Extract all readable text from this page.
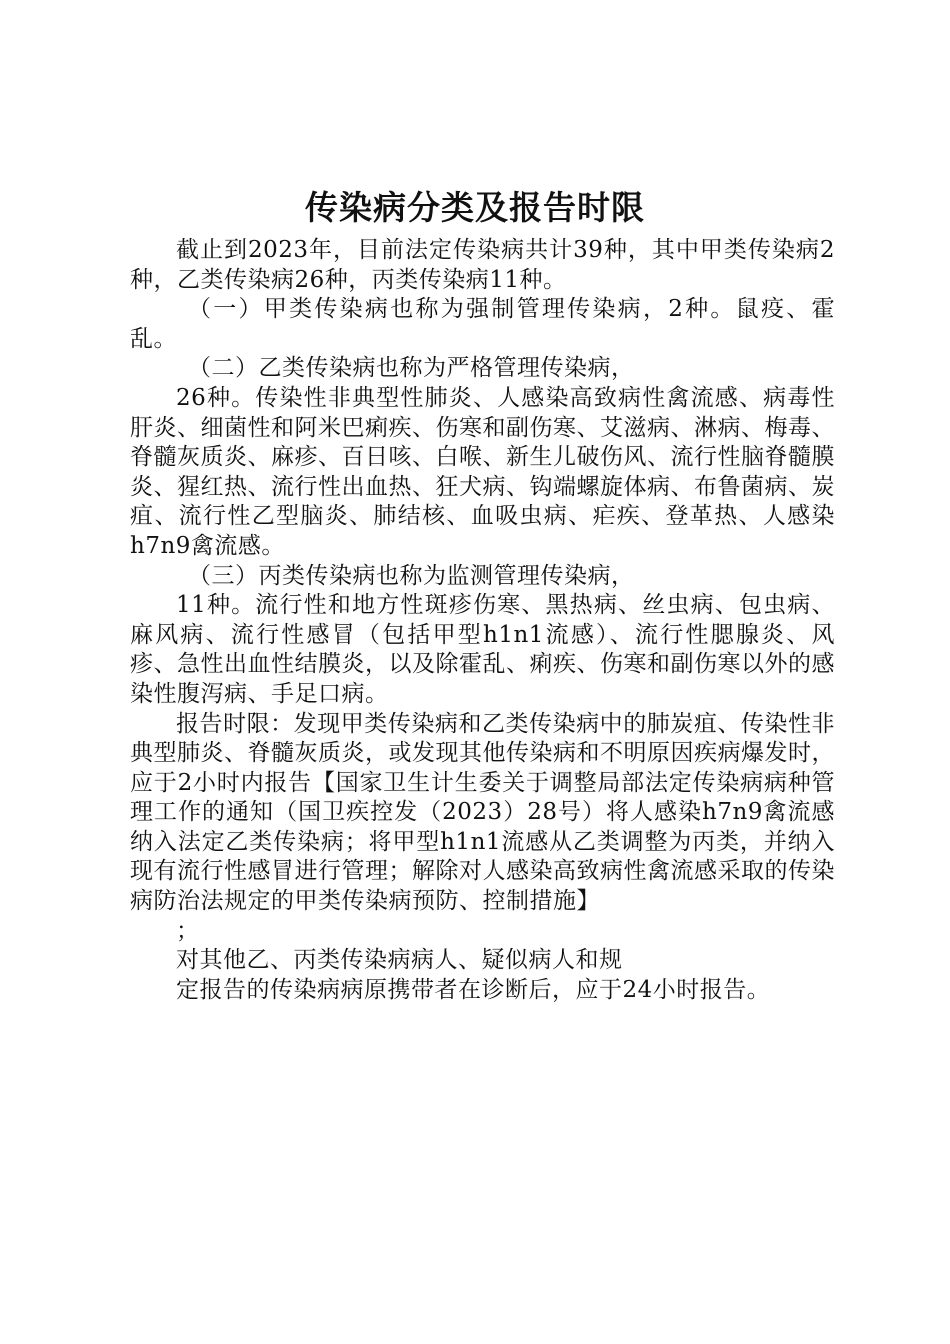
传染病分类及报告时限

截止到2023年，目前法定传染病共计39种，其中甲类传染病2种，乙类传染病26种，丙类传染病11种。

（一）甲类传染病也称为强制管理传染病，2种。鼠疫、霍乱。

（二）乙类传染病也称为严格管理传染病，

26种。传染性非典型性肺炎、人感染高致病性禽流感、病毒性肝炎、细菌性和阿米巴痢疾、伤寒和副伤寒、艾滋病、淋病、梅毒、脊髓灰质炎、麻疹、百日咳、白喉、新生儿破伤风、流行性脑脊髓膜炎、猩红热、流行性出血热、狂犬病、钩端螺旋体病、布鲁菌病、炭疽、流行性乙型脑炎、肺结核、血吸虫病、疟疾、登革热、人感染h7n9禽流感。

（三）丙类传染病也称为监测管理传染病，

11种。流行性和地方性斑疹伤寒、黑热病、丝虫病、包虫病、麻风病、流行性感冒（包括甲型h1n1流感）、流行性腮腺炎、风疹、急性出血性结膜炎，以及除霍乱、痢疾、伤寒和副伤寒以外的感染性腹泻病、手足口病。

报告时限：发现甲类传染病和乙类传染病中的肺炭疽、传染性非典型肺炎、脊髓灰质炎，或发现其他传染病和不明原因疾病爆发时，应于2小时内报告【国家卫生计生委关于调整局部法定传染病病种管理工作的通知（国卫疾控发（2023）28号）将人感染h7n9禽流感纳入法定乙类传染病；将甲型h1n1流感从乙类调整为丙类，并纳入现有流行性感冒进行管理；解除对人感染高致病性禽流感采取的传染病防治法规定的甲类传染病预防、控制措施】

；

对其他乙、丙类传染病病人、疑似病人和规

定报告的传染病病原携带者在诊断后，应于24小时报告。
